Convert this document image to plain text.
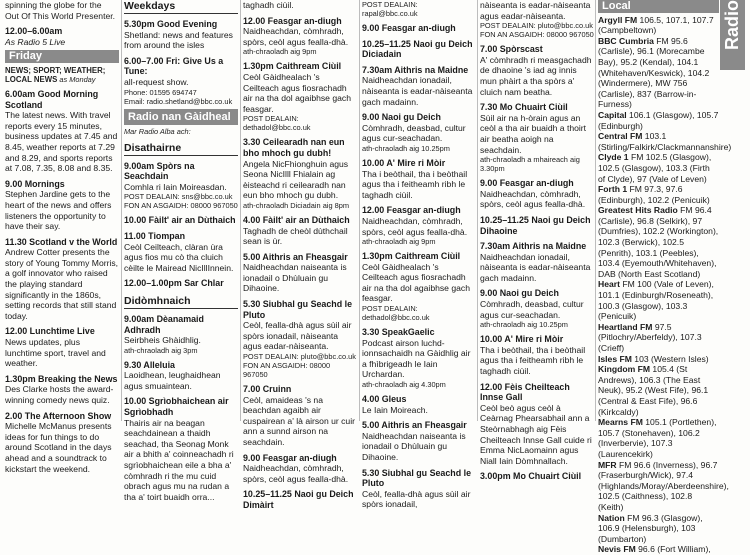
spinning the globe for the
Out Of This World Presenter.
12.00–6.00am
As Radio 5 Live
Friday
NEWS; SPORT; WEATHER;
LOCAL NEWS as Monday
6.00am Good Morning Scotland
The latest news. With travel reports every 15 minutes, business updates at 7.45 and 8.45, weather reports at 7.29 and 8.29, and sports reports at 7.08, 7.35, 8.08 and 8.35.
9.00 Mornings
Stephen Jardine gets to the heart of the news and offers listeners the opportunity to have their say.
11.30 Scotland v the World
Andrew Cotter presents the story of Young Tommy Morris, a golf innovator who raised the playing standard significantly in the 1860s, setting records that still stand today.
12.00 Lunchtime Live
News updates, plus lunchtime sport, travel and weather.
1.30pm Breaking the News
Des Clarke hosts the award-winning comedy news quiz.
2.00 The Afternoon Show
Michelle McManus presents ideas for fun things to do around Scotland in the days ahead and a soundtrack to kickstart the weekend.
Weekdays
5.30pm Good Evening
Shetland: news and features from around the isles
6.00–7.00 Fri: Give Us a Tune:
all-request show.
Phone: 01595 694747
Email: radio.shetland@bbc.co.uk
Radio nan Gàidheal
Mar Radio Alba ach:
Disathairne
9.00am Spòrs na Seachdain
Comhla ri Iain Moireasdan.
POST DEALAIN: sns@bbc.co.uk
FON AN ASGAIDH: 08000 967050
10.00 Fàilt' air an Dùthaich
11.00 Tiompan
Ceòl Ceilteach, clàran ùra agus fios mu cò tha cluich cèilte le Mairead NicIllInnein.
12.00–1.00pm Sar Chlar
Didòmhnaich
9.00am Dèanamaid Adhradh
Seirbheis Ghàidhlig.
ath-chraoladh aig 3pm
9.30 Alleluia
Laoidhean, leughaidhean agus smuaintean.
10.00 Sgrìobhaichean air Sgrìobhadh
Thairis air na beagan seachdainean a thaidh seachad, tha Seonag Monk air a bhith a' coinneachadh ri sgrìobhaichean eile a bha a' còmhradh ri the mu cuid obrach agus mu na rudan a tha a' toirt buaidh orra...
taghadh ciùil.
12.00 Feasgar an-diugh
Naidheachdan, còmhradh, spòrs, ceòl agus fealla-dhà.
ath-chraoladh aig 9pm
1.30pm Caithream Ciùil
Ceòl Gàidhealach 's Ceilteach agus fiosrachadh air na tha dol agaibhse gach feasgar.
POST DEALAIN: dethadol@bbc.co.uk
3.30 Ceilearadh nan eun bho mhoch gu dubh!
Angela NicFhionghuin agus Seona NicIlll Fhialain ag èisteachd ri ceilearadh nan eun bho mhoch gu dubh.
ath-chraoladh Diciadain aig 8pm
4.00 Fàilt' air an Dùthaich
Taghadh de cheòl dùthchail sean is ùr.
5.00 Aithris an Fheasgair
Naidheachdan naiseanta is ionadail o Dhùluain gu Dihaoine.
5.30 Siubhal gu Seachd le Pluto
Ceòl, fealla-dhà agus sùil air spòrs ionadail, nàiseanta agus eadar-nàiseanta.
POST DEALAIN: pluto@bbc.co.uk
FON AN ASGAIDH: 08000 967050
7.00 Cruinn
Ceòl, amaideas 's na beachdan agaibh air cuspairean a' là airson ur cuir ann a sunnd airson na seachdain.
9.00 Feasgar an-diugh
Naidheachdan, còmhradh, spòrs, ceòl agus fealla-dhà.
10.25–11.25 Naoi gu Deich Dimàirt
POST DEALAIN: rapal@bbc.co.uk
9.00 Feasgar an-diugh
10.25–11.25 Naoi gu Deich Diciadain
7.30am Aithris na Maidne
Naidheachdan ionadail, nàiseanta is eadar-nàiseanta gach madainn.
9.00 Naoi gu Deich
Còmhradh, deasbad, cultur agus cur-seachadan.
ath-chraoladh aig 10.25pm
10.00 A' Mire ri Mòir
Tha i beòthail, tha i beòthail agus tha i feitheamh ribh le taghadh ciùil.
12.00 Feasgar an-diugh
Naidheachdan, còmhradh, spòrs, ceòl agus fealla-dhà.
ath-chraoladh aig 9pm
1.30pm Caithream Ciùil
Ceòl Gàidhealach 's Ceilteach agus fiosrachadh air na tha dol agaibhse gach feasgar.
POST DEALAIN: dethadol@bbc.co.uk
3.30 SpeakGaelic
Podcast airson luchd-ionnsachaidh na Gàidhlig air a fhìbrigeadh le Iain Urchardan.
ath-chraoladh aig 4.30pm
4.00 Gleus
Le Iain Moireach.
5.00 Aithris an Fheasgair
Naidheachdan naiseanta is ionadail o Dhùluain gu Dihaoine.
5.30 Siubhal gu Seachd le Pluto
Ceòl, fealla-dhà agus sùil air spòrs ionadail,
nàiseanta is eadar-nàiseanta agus eadar-nàiseanta.
POST DEALAIN: pluto@bbc.co.uk
FON AN ASGAIDH: 08000 967050
7.00 Spòrscast
A' còmhradh ri measgachadh de dhaoine 's iad ag innis mun phàirt a tha spòrs a' cluich nam beatha.
7.30 Mo Chuairt Ciùil
Sùil air na h-òrain agus an ceòl a tha air buaidh a thoirt air beatha aoigh na seachdain.
ath-chraoladh a mhaireach aig 3.30pm
9.00 Feasgar an-diugh
Naidheachdan, còmhradh, spòrs, ceòl agus fealla-dhà.
10.25–11.25 Naoi gu Deich Dihaoine
7.30am Aithris na Maidne
Naidheachdan ionadail, nàiseanta is eadar-nàiseanta gach madainn.
9.00 Naoi gu Deich
Còmhradh, deasbad, cultur agus cur-seachadan.
ath-chraoladh aig 10.25pm
10.00 A' Mire ri Mòir
Tha i beòthail, tha i beòthail agus tha i feitheamh ribh le taghadh ciùil.
12.00 Fèis Cheilteach Innse Gall
Ceòl beò agus ceòl à Ceàrnag Phearsabhail ann a Steòrnabhagh aig Fèis Cheilteach Innse Gall cuide ri Emma NicLaomainn agus Niall Iain Dòmhnallach.
3.00pm Mo Chuairt Ciùil
Local	Radio
Argyll FM 106.5, 107.1, 107.7 (Campbeltown)
BBC Cumbria FM 95.6 (Carlisle), 96.1 (Morecambe Bay), 95.2 (Kendal), 104.1 (Whitehaven/Keswick), 104.2 (Windermere), MW 756 (Carlisle), 837 (Barrow-in-Furness)
Capital 106.1 (Glasgow), 105.7 (Edinburgh)
Central FM 103.1 (Stirling/Falkirk/Clackmannanshire)
Clyde 1 FM 102.5 (Glasgow), 102.5 (Glasgow), 103.3 (Firth of Clyde), 97 (Vale of Leven)
Forth 1 FM 97.3, 97.6 (Edinburgh), 102.2 (Penicuik)
Greatest Hits Radio FM 96.4 (Carlisle), 96.8 (Selkirk), 97 (Dumfries), 102.2 (Workington), 102.3 (Berwick), 102.5 (Penrith), 103.1 (Peebles), 103.4 (Eyemouth/Whitehaven), DAB (North East Scotland)
Heart FM 100 (Vale of Leven), 101.1 (Edinburgh/Roseneath), 100.3 (Glasgow), 103.3 (Penicuik)
Heartland FM 97.5 (Pitlochry/Aberfeldy), 107.3 (Crieff)
Isles FM 103 (Western Isles)
Kingdom FM 105.4 (St Andrews), 106.3 (The East Neuk), 95.2 (West Fife), 96.1 (Central & East Fife), 96.6 (Kirkcaldy)
Mearns FM 105.1 (Portlethen), 105.7 (Stonehaven), 106.2 (Inverbervie), 107.3 (Laurencekirk)
MFR FM 96.6 (Inverness), 96.7 (Fraserburgh/Wick), 97.4 (Highlands/Moray/Aberdeenshire), 102.5 (Caithness), 102.8 (Keith)
Nation FM 96.3 (Glasgow), 106.9 (Helensburgh), 103 (Dumbarton)
Nevis FM 96.6 (Fort William),
